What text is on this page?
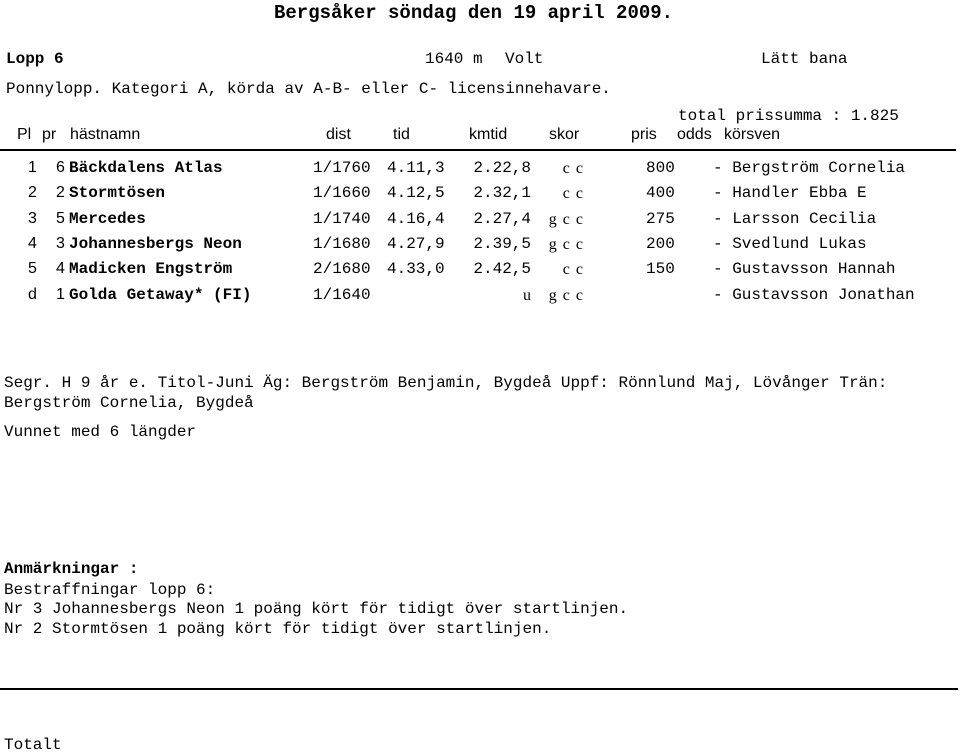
Bergsåker söndag den 19 april 2009.
Lopp 6	1640 m Volt	Lätt bana
Ponnylopp. Kategori A, körda av A-B- eller C- licensinnehavare.
total prissumma : 1.825
Pl pr hästnamn	dist	tid	kmtid	skor	pris odds körsven
1 6 Bäckdalens Atlas	1/1760 4.11,3 2.22,8	c c	800 - Bergström Cornelia
2 2 Stormtösen	1/1660 4.12,5 2.32,1	c c	400 - Handler Ebba E
3 5 Mercedes	1/1740 4.16,4 2.27,4	g c c	275 - Larsson Cecilia
4 3 Johannesbergs Neon	1/1680 4.27,9 2.39,5	g c c	200 - Svedlund Lukas
5 4 Madicken Engström	2/1680 4.33,0 2.42,5	c c	150 - Gustavsson Hannah
d 1 Golda Getaway* (FI)	1/1640	u	g c c	- Gustavsson Jonathan
Segr. H 9 år e. Titol-Juni Äg: Bergström Benjamin, Bygdeå Uppf: Rönnlund Maj, Lövånger Trän:
Bergström Cornelia, Bygdeå
Vunnet med 6 längder
Anmärkningar :
Bestraffningar lopp 6:
Nr 3 Johannesbergs Neon 1 poäng kört för tidigt över startlinjen.
Nr 2 Stormtösen 1 poäng kört för tidigt över startlinjen.
Totalt
